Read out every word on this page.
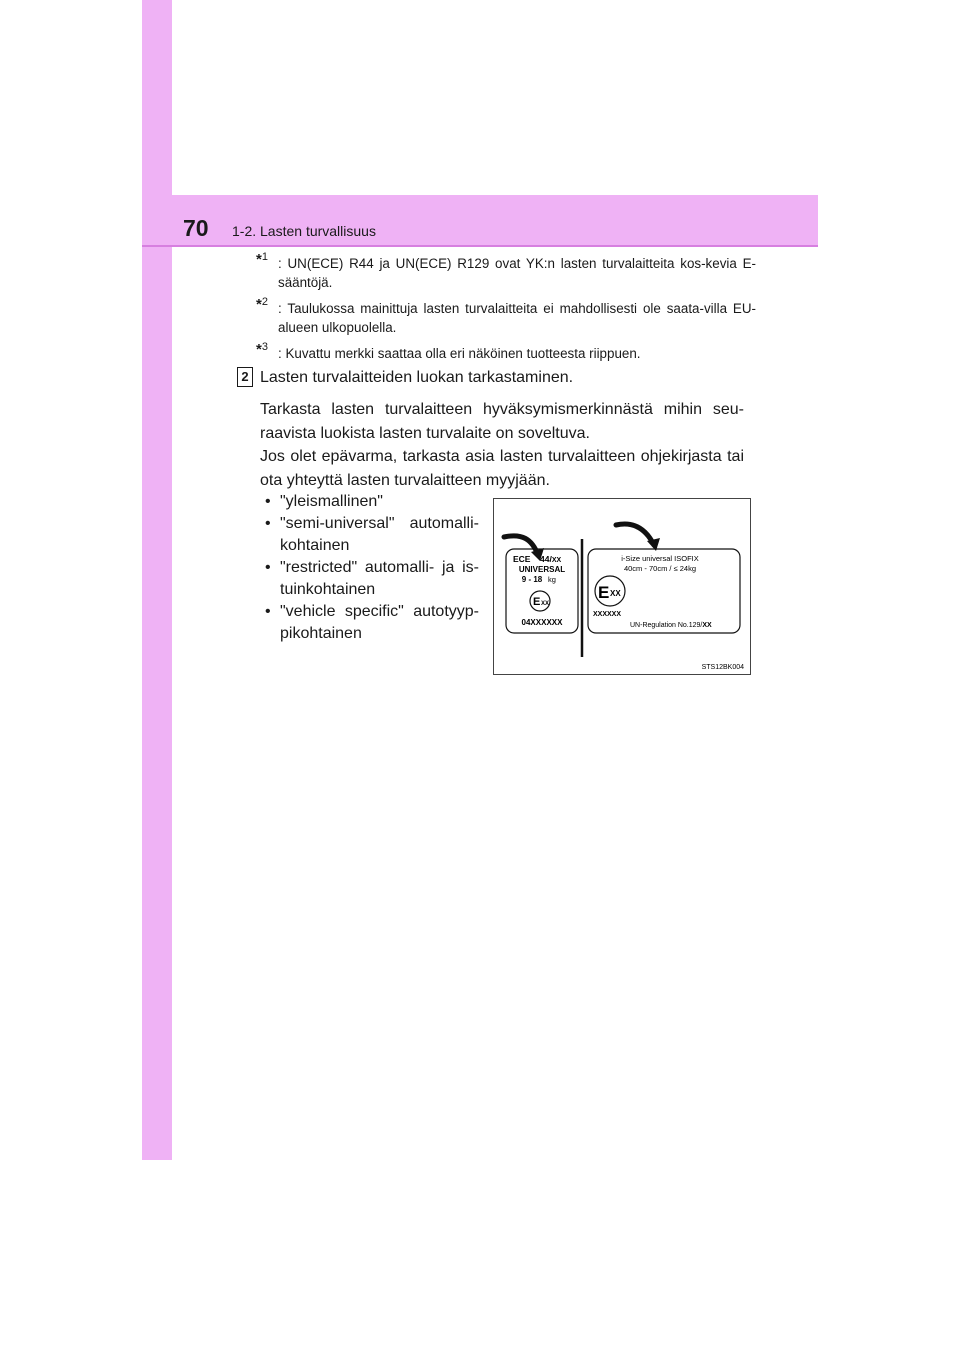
70 1-2. Lasten turvallisuus
*$^1$ : UN(ECE) R44 ja UN(ECE) R129 ovat YK:n lasten turvalaitteita kos-kevia E-sääntöjä.
*$^2$ : Taulukossa mainittuja lasten turvalaitteita ei mahdollisesti ole saata-villa EU-alueen ulkopuolella.
*$^3$ : Kuvattu merkki saattaa olla eri näköinen tuotteesta riippuen.
2 Lasten turvalaitteiden luokan tarkastaminen.
Tarkasta lasten turvalaitteen hyväksymismerkinnästä mihin seu-raavista luokista lasten turvalaite on soveltuva.
Jos olet epävarma, tarkasta asia lasten turvalaitteen ohjekirjasta tai ota yhteyttä lasten turvalaitteen myyjään.
• "yleismallinen"
• "semi-universal" automalli-kohtainen
• "restricted" automalli- ja is-tuinkohtainen
• "vehicle specific" autotyyp-pikohtainen
ECE 44/XX
UNIVERSAL
9 - 18 kg
E XX
04XXXXXX
i-Size universal ISOFIX
40cm - 70cm / ≤ 24kg
E XX
XXXXXX
UN-Regulation No.129/XX
STS12BK004
